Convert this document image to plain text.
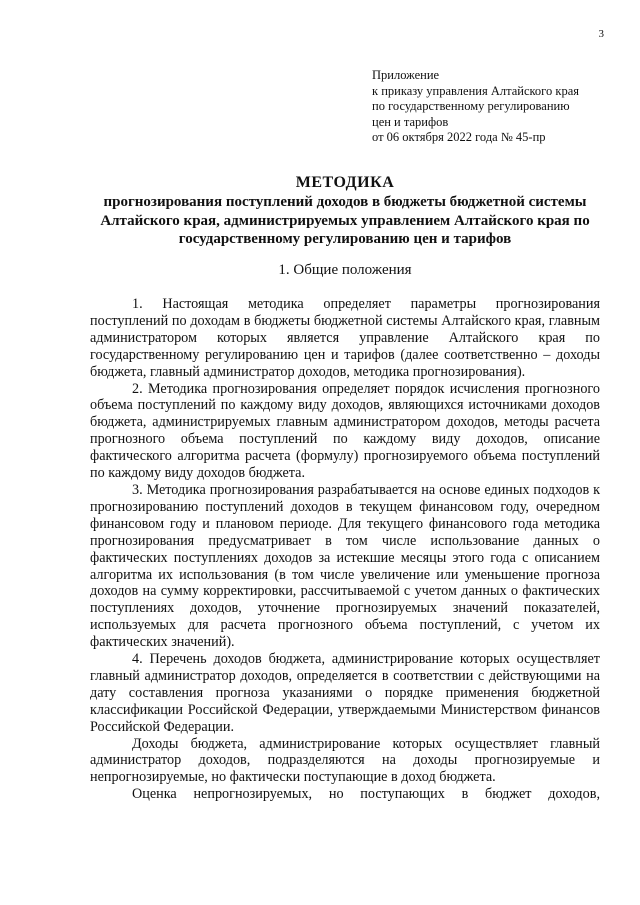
3
Приложение
к приказу управления Алтайского края
по государственному регулированию
цен и тарифов
от 06 октября 2022 года № 45-пр
МЕТОДИКА
прогнозирования поступлений доходов в бюджеты бюджетной системы Алтайского края, администрируемых управлением Алтайского края по государственному регулированию цен и тарифов
1. Общие положения

1. Настоящая методика определяет параметры прогнозирования поступлений по доходам в бюджеты бюджетной системы Алтайского края, главным администратором которых является управление Алтайского края по государственному регулированию цен и тарифов (далее соответственно – доходы бюджета, главный администратор доходов, методика прогнозирования).

2. Методика прогнозирования определяет порядок исчисления прогнозного объема поступлений по каждому виду доходов, являющихся источниками доходов бюджета, администрируемых главным администратором доходов, методы расчета прогнозного объема поступлений по каждому виду доходов, описание фактического алгоритма расчета (формулу) прогнозируемого объема поступлений по каждому виду доходов бюджета.

3. Методика прогнозирования разрабатывается на основе единых подходов к прогнозированию поступлений доходов в текущем финансовом году, очередном финансовом году и плановом периоде. Для текущего финансового года методика прогнозирования предусматривает в том числе использование данных о фактических поступлениях доходов за истекшие месяцы этого года с описанием алгоритма их использования (в том числе увеличение или уменьшение прогноза доходов на сумму корректировки, рассчитываемой с учетом данных о фактических поступлениях доходов, уточнение прогнозируемых значений показателей, используемых для расчета прогнозного объема поступлений, с учетом их фактических значений).

4. Перечень доходов бюджета, администрирование которых осуществляет главный администратор доходов, определяется в соответствии с действующими на дату составления прогноза указаниями о порядке применения бюджетной классификации Российской Федерации, утверждаемыми Министерством финансов Российской Федерации.

Доходы бюджета, администрирование которых осуществляет главный администратор доходов, подразделяются на доходы прогнозируемые и непрогнозируемые, но фактически поступающие в доход бюджета.

Оценка непрогнозируемых, но поступающих в бюджет доходов,
